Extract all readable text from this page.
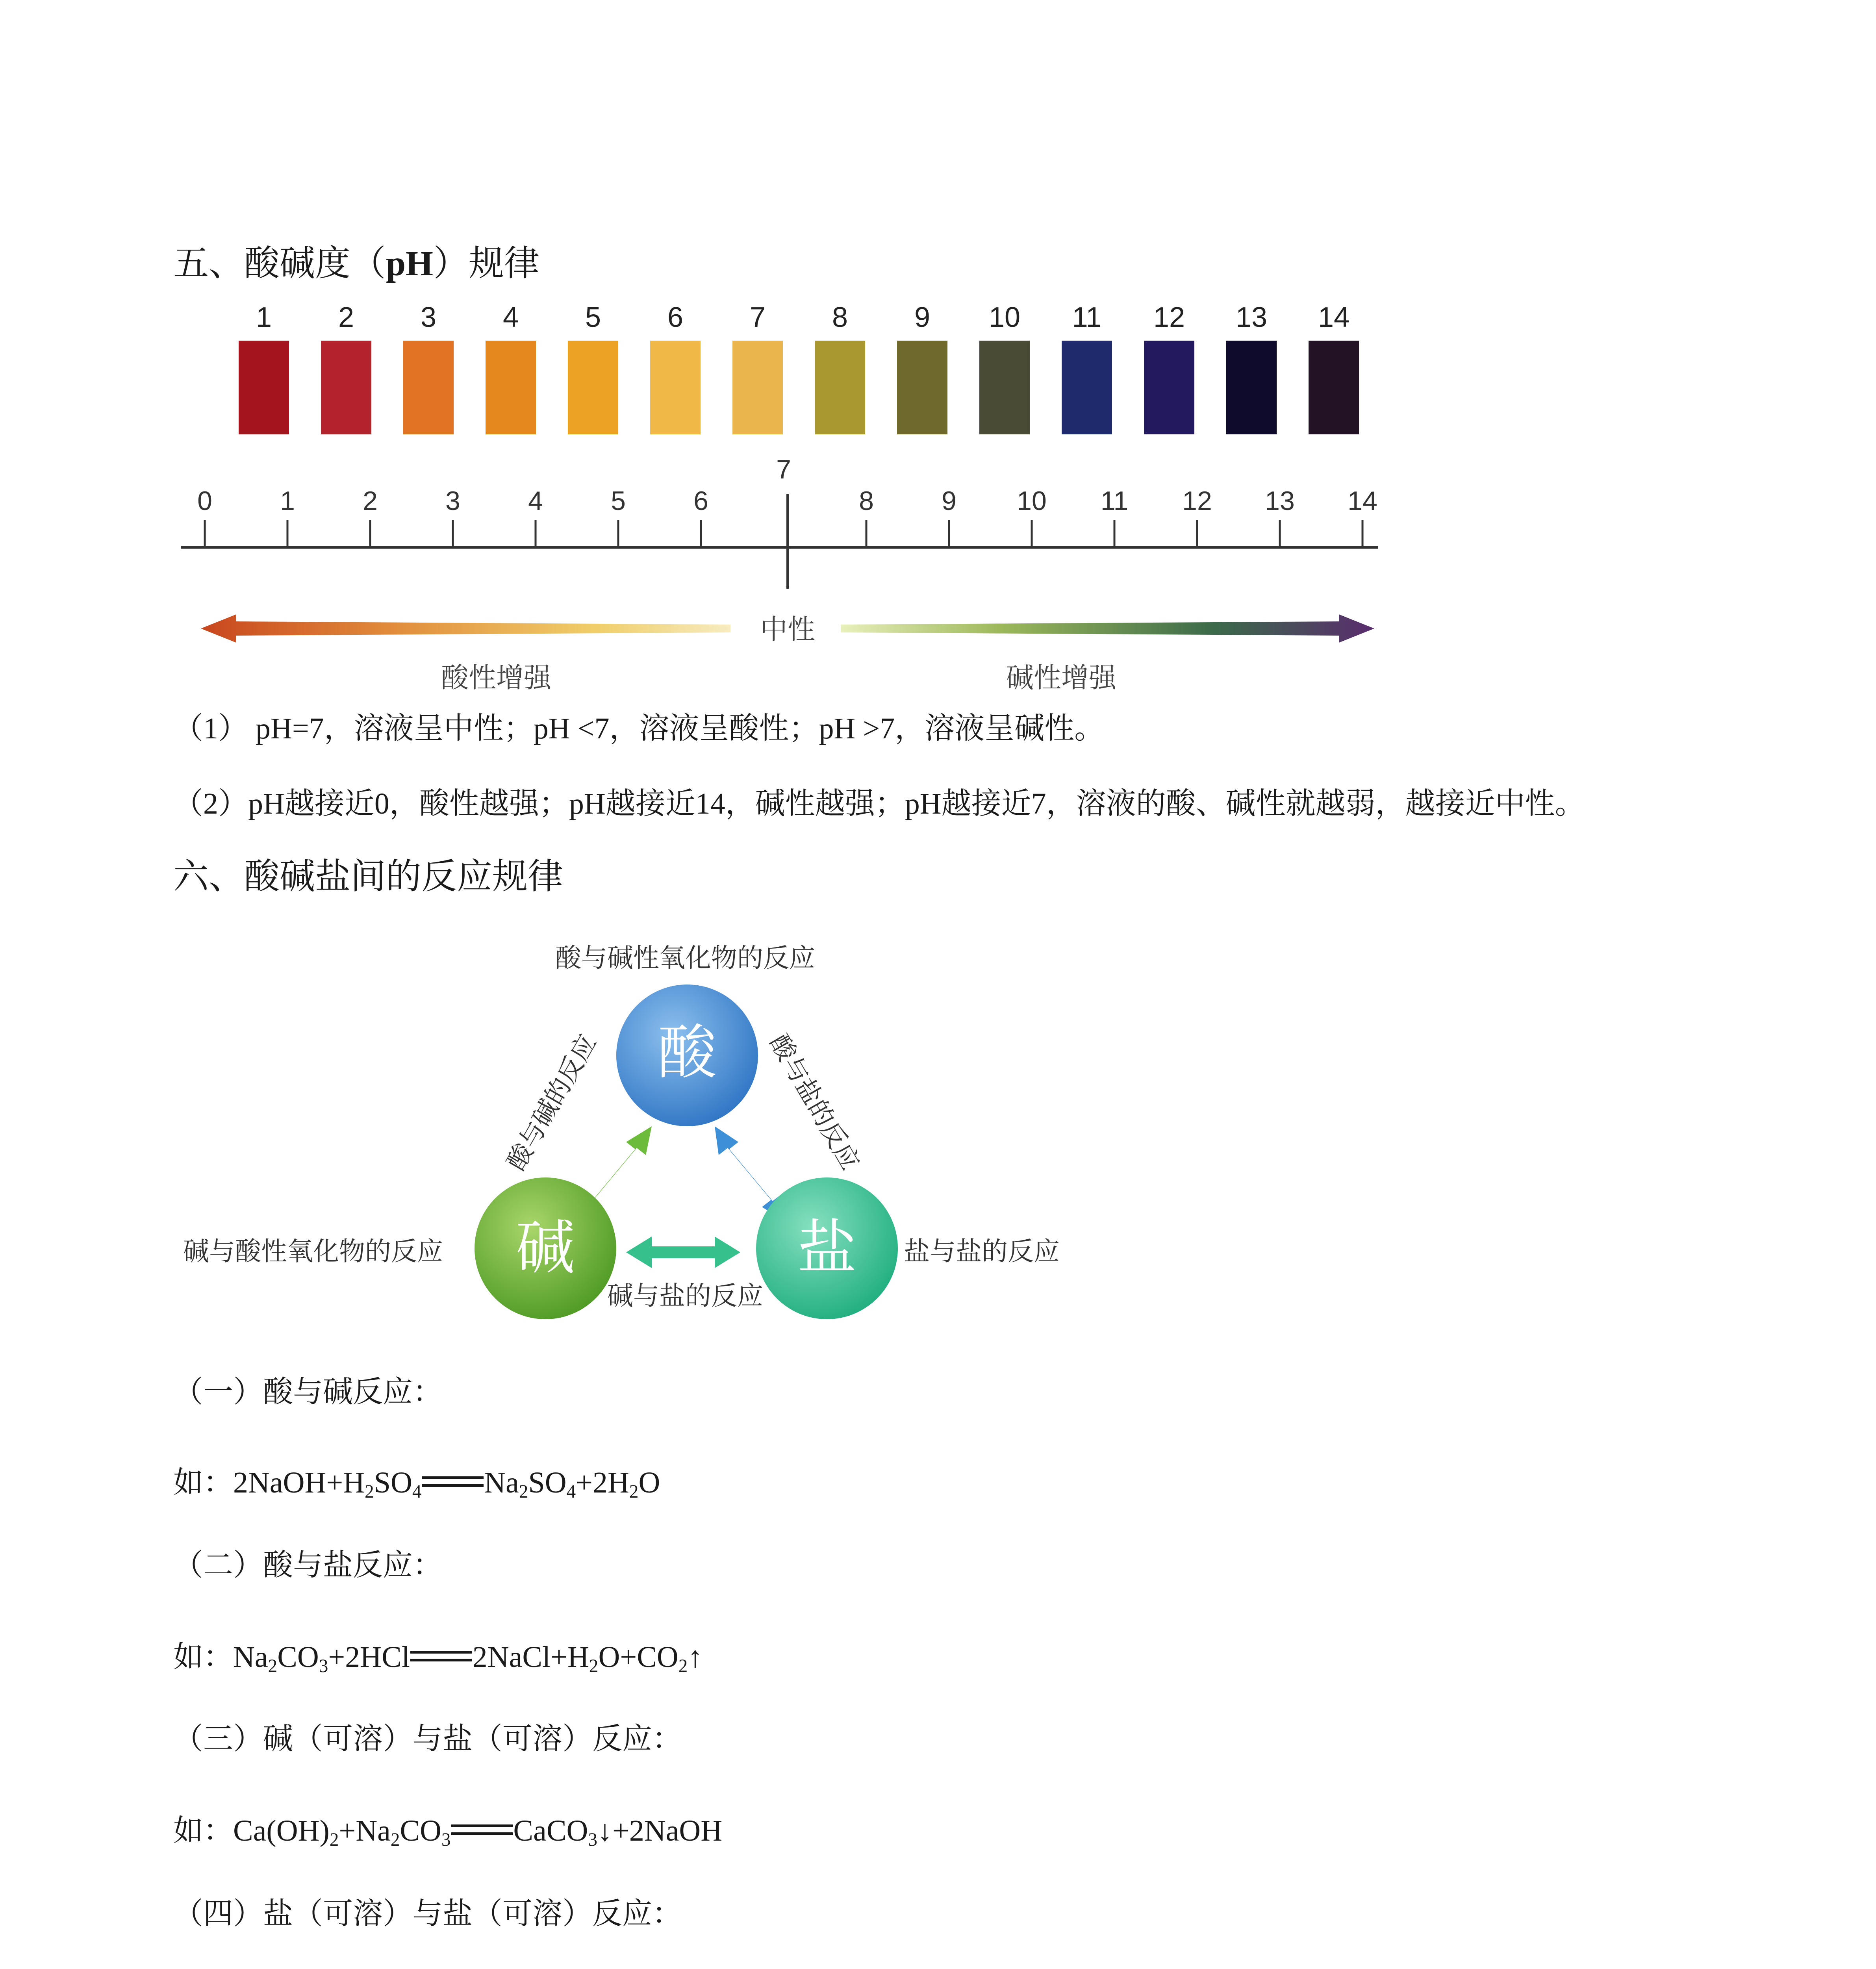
五、酸碱度（pH）规律
1 2 3 4 5 6 7 8 9 10 11 12 13 14
0	1	2	3	4	5	6
7
8	9 10 11 12 13 14
中性
酸性增强	碱性增强
（1） pH=7，溶液呈中性；pH <7，溶液呈酸性；pH >7，溶液呈碱性。
（2）pH越接近0，酸性越强；pH越接近14，碱性越强；pH越接近7，溶液的酸、碱性就越弱，越接近中性。
六、酸碱盐间的反应规律
酸
碱	盐
酸与碱性氧化物的反应
碱与酸性氧化物的反应	盐与盐的反应
碱与盐的反应
酸与碱的反应	酸与盐的反应
（一）酸与碱反应：
如：2NaOH+H2SO4 Na2SO4+2H2O
（二）酸与盐反应：
如：Na2CO3+2HCl 2NaCl+H2O+CO2↑
（三）碱（可溶）与盐（可溶）反应：
如：Ca(OH)2+Na2CO3 CaCO3↓+2NaOH
（四）盐（可溶）与盐（可溶）反应：
